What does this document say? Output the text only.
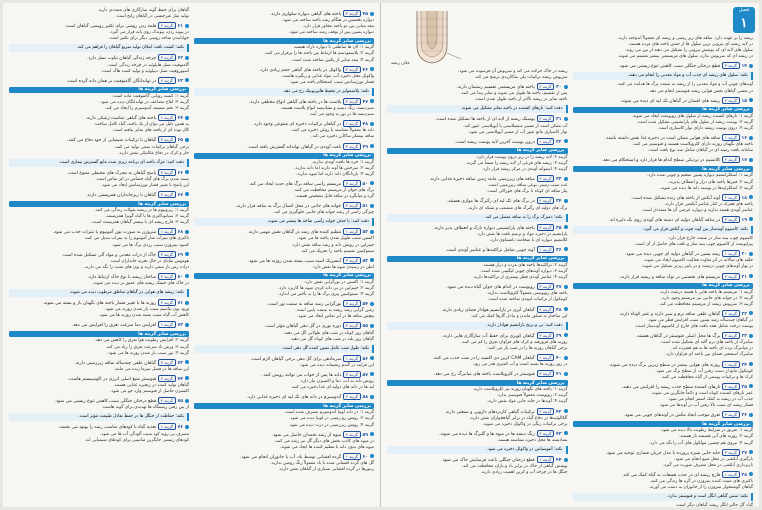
گیاهان برای حفظ گونه سازگاری های متعددی دارند.
تولید مثل غیرجنسی در گیاهان رایج است.
۶۱گزینه ۲قلمه زدن روشی برای تکثیر رویشی گیاهان است.
در پیوند زدن، پیوندک روی پایه قرار می گیرد.
خوابانیدن شاخه روشی دیگر برای تکثیر است.
نکته: کشت بافت امکان تولید سریع گیاهان را فراهم می کند.
۶۲گزینه ۳چرخه زندگی گیاهان تناوب نسل دارد.
گامتوفیت نسل هاپلوئید در چرخه زندگی است.
اسپوروفیت نسل دیپلوئید و تولید کننده هاگ است.
۶۳گزینه ۴در نهاندانگان گامتوفیت نر همان دانه گرده است.
بررسی سایر گزینه ها
گزینه ۱: کیسه رویانی گامتوفیت ماده است.
گزینه ۲: لقاح مضاعف در نهاندانگان دیده می شود.
گزینه ۳: تخم ضمیمه آندوسپرم را ایجاد می کند.
۶۴گزینه ۱یاخته های گیاهی تمامیت ژنتیکی دارند.
به همین دلیل می توان از یک یاخته، گیاه کامل ساخت.
کال توده ای از یاخته های تمایز نیافته است.
۶۵گزینه ۳گیاهان با ترکیبات شیمیایی از خود دفاع می کنند.
برخی گیاهان ترکیبات سمی تولید می کنند.
خار و کرک در دفاع مکانیکی نقش دارند.
دقت کنید: مرگ یاخته ای برنامه ریزی شده مانع گسترش بیماری است.
۶۶گزینه ۲پاسخ گیاهان به محرک های محیطی متنوع است.
بسته شدن برگ های گیاه حساس در اثر تماس است.
این پاسخ با تغییر فشار تورژسانس ایجاد می شود.
۶۷گزینه ۴گیاهان با ریزجانداران همزیستی دارند.
بررسی سایر گزینه ها
گزینه ۱: ریزوبیوم ها در ریشه بقولات زندگی می کنند.
گزینه ۲: سیانوباکتری ها با گیاه گونرا همزیستند.
گزینه ۳: قارچ ریشه ای با بیشتر گیاهان همزیست است.
۶۸گزینه ۱نیتروژن به صورت یون آمونیوم یا نیترات جذب می شود.
باکتری های نیترات ساز آمونیوم را به نیترات تبدیل می کنند.
کمبود نیتروژن سبب زردی برگ ها می شود.
۶۹گزینه ۳خاک از ذرات معدنی و مواد آلی تشکیل شده است.
هوموس بقایای در حال تجزیه جانداران است.
ذرات رس بار منفی دارند و یون های مثبت را نگه می دارند.
۷۰گزینه ۲ساختار ریشه با نوع خاک ارتباط دارد.
در خاک های خشک ریشه های عمیق تر دیده می شوند.
نکته: ریشه های هوایی در گیاهان مناطق مرطوب دیده می شوند.
۷۱گزینه ۴روزنه ها با تغییر فشار یاخته های نگهبان باز و بسته می شوند.
ورود یون پتاسیم سبب باز شدن روزنه می شود.
کاهش آب گیاه سبب بسته شدن روزنه ها می شود.
۷۲گزینه ۱افزایش دما سرعت تعرق را افزایش می دهد.
بررسی سایر گزینه ها
گزینه ۲: افزایش رطوبت هوا تعرق را کاهش می دهد.
گزینه ۳: وزش باد سرعت تعرق را زیاد می کند.
گزینه ۴: نور سبب باز شدن روزنه ها می شود.
۷۳گزینه ۳گیاهان علفی چندساله ساقه زیرزمینی دارند.
این ساقه ها در فصل سرما زنده می مانند.
۷۴گزینه ۲فتوسنتز منبع اصلی انرژی در اکوسیستم هاست.
گیاهان تولید کننده در زنجیره غذایی هستند.
اکسیژن حاصل از فتوسنتز وارد جو می شود.
۷۵گزینه ۴قطع درختان جنگلی سبب کاهش تنوع زیستی می شود.
از بین رفتن زیستگاه ها تهدیدی برای گونه هاست.
نکته: حفاظت از جنگل ها در حفظ تعادل طبیعت مؤثر است.
۷۶گزینه ۱تغذیه گیاه با کودهای مناسب رشد را بهبود می بخشد.
مصرف بی رویه کود سبب آلودگی آب ها می شود.
کودهای زیستی جایگزین مناسبی برای کودهای شیمیایی اند.
۴۵گزینه ۳یاخته های گیاهی دیواره سلولزی دارند.
دیواره نخستین در هنگام رشد یاخته ساخته می شود.
تیغه میانی بین دو یاخته مجاور قرار دارد.
دیواره پسین پس از توقف رشد ساخته می شود.
بررسی سایر گزینه ها
گزینه ۱: لان ها مناطقی با دیواره نازک هستند.
گزینه ۲: پلاسمودسم ها ارتباط بین یاخته ها را برقرار می کنند.
گزینه ۴: تیغه میانی از پکتین ساخته شده است.
۴۶گزینه ۲واکوئل در یاخته های گیاهی حجم زیادی دارد.
واکوئل محل ذخیره آب، مواد غذایی و رنگیزه هاست.
فشار تورژسانس سبب استحکام یاخته می شود.
نکته: پلاسمولیز در محیط هایپرتونیک رخ می دهد.
۴۷گزینه ۴پلاست ها در یاخته های گیاهی انواع مختلفی دارند.
سبزدیسه، رنگ دیسه و نشادیسه انواع پلاست هستند.
سبزدیسه ها در نور به وجود می آیند.
۴۸گزینه ۱در گیاهان ترکیبات ذخیره ای متنوعی وجود دارد.
دانه ها معمولاً نشاسته یا روغن ذخیره می کنند.
ساقه نیشکر ساکارز ذخیره می کند.
۴۹گزینه ۳بافت آوندی در گیاهان نهاندانه گسترش یافته است.
بررسی سایر گزینه ها
گزینه ۱: خزه ها بافت آوندی ندارند.
گزینه ۲: سرخس ها آوند دارند اما دانه ندارند.
گزینه ۴: بازدانگان دانه دارند اما میوه ندارند.
۵۰گزینه ۲مریستم رأسی ساقه برگ های جدید ایجاد می کند.
برگ های جوان از مریستم محافظت می کنند.
گره و میانگره در ساقه قابل تشخیص هستند.
۵۱گزینه ۴جوانه های جانبی در محل اتصال برگ به ساقه قرار دارند.
چیرگی رأسی از رشد جوانه های جانبی جلوگیری می کند.
دقت کنید: با حذف جوانه رأسی شاخه ها بیشتر می شوند.
۵۲گزینه ۱تنظیم کننده های رشد در گیاهان نقش مهمی دارند.
اکسین سبب طویل شدن یاخته ها می شود.
جیبرلین در رویش دانه و رشد ساقه نقش دارد.
سیتوکینین تقسیم یاخته را تحریک می کند.
۵۳گزینه ۳آبسیزیک اسید سبب بسته شدن روزنه ها می شود.
اتیلن در رسیدن میوه ها نقش دارد.
بررسی سایر گزینه ها
گزینه ۱: اکسین در نورگرایی نقش دارد.
گزینه ۲: جیبرلین در بی دانه کردن میوه ها کاربرد دارد.
گزینه ۴: سیتوکینین پیری برگ ها را به تأخیر می اندازد.
۵۴گزینه ۲نورگرایی رشد ساقه به سمت نور است.
زمین گرایی رشد ریشه به سمت پایین است.
پیچش ساقه ها در اثر تماس ایجاد می شود.
۵۵گزینه ۴دوره نوری در گل دهی گیاهان مؤثر است.
گیاهان روز کوتاه در شب های طولانی گل می دهند.
گیاهان روز بلند در شب های کوتاه گل می دهند.
نکته: طول شب عامل تعیین کننده گل دهی است.
۵۶گزینه ۱سرمادهی برای گل دهی برخی گیاهان لازم است.
این فرایند در گندم زمستانه دیده می شود.
۵۷گزینه ۳دانه ها پس از خواب می توانند رویش کنند.
رویش دانه به آب، دما و اکسیژن نیاز دارد.
لپه ها در دانه های دولپه ای غذا ذخیره می کنند.
۵۸گزینه ۲آندوسپرم در دانه های تک لپه ای ذخیره غذایی دارد.
بررسی سایر گزینه ها
گزینه ۱: در دانه لوبیا آندوسپرم مصرف شده است.
گزینه ۳: رویش رو زمینی در لوبیا دیده می شود.
گزینه ۴: رویش زیرزمینی در ذرت دیده می شود.
۵۹گزینه ۴میوه از رشد تخمدان حاصل می شود.
در میوه های کاذب بخش های دیگر گل نیز رشد می کنند.
میوه های بدون دانه با تنظیم کننده ها ایجاد می شوند.
۶۰گزینه ۱گرده افشانی توسط باد، آب یا جانوران انجام می شود.
گل های گرده افشانی شده با باد معمولاً رنگ روشن ندارند.
زنبورها در گرده افشانی بسیاری از گیاهان نقش دارند.
فصل
۱
غلاف ریشه
ریشه در خاک حرکت می کند و سرپوش آن فرسوده می شود.
سرپوش ریشه ترکیبات پلی ساکاریدی ترشح می کند.
۳۰گزینه ۲یاخته های مریستمی تقسیم رشتمان دارند.
پس از تقسیم، یاخته ها طویل می شوند و تمایز پیدا می کنند.
ناحیه تمایز در ریشه بالاتر از ناحیه طویل شدن است.
دقت کنید: تارهای کشنده در ناحیه تمایز تشکیل می شوند.
۳۱گزینه ۴پوستک ریشه از لایه ای از یاخته ها تشکیل شده است.
آب ممکن است از مسیر سیمپلاستی یا آپوپلاستی عبور کند.
نوار کاسپاری مانع عبور آب از مسیر آپوپلاستی می شود.
۳۲گزینه ۱درون پوست آخرین لایه پوست ریشه است.
بررسی سایر گزینه ها
گزینه ۲: لایه ریشه زا در زیر درون پوست قرار دارد.
گزینه ۳: ریشه های فرعی از لایه ریشه زا منشأ می گیرند.
گزینه ۴: استوانه آوندی در مرکز ریشه قرار دارد.
۳۳گزینه ۳ساقه های زیرزمینی مانند زمین ساقه ذخیره غذایی دارند.
غده سیب زمینی نوعی ساقه زیرزمینی است.
پیاز ساقه ای کوتاه با برگ های خوراکی است.
۳۴گزینه ۲در برگ های تک لپه ای رگبرگ ها موازی هستند.
برگ های دولپه ای رگبرگ های منشعب و شبکه ای دارند.
نکته: دمبرگ برگ را به ساقه متصل می کند.
۳۵گزینه ۴یاخته های پارانشیمی دیواره نازک و انعطاف پذیر دارند.
پارانشیم در ذخیره مواد و ترمیم بافت ها نقش دارد.
کلانشیم دیواره ای با ضخامت نامساوی دارد.
۳۶گزینه ۱آوند چوبی شامل تراکئیدها و عناصر آوندی است.
بررسی سایر گزینه ها
گزینه ۲: تراکئیدها یاخته های مرده و دراز هستند.
گزینه ۳: دیواره آوندهای چوبی لیگنینی شده است.
گزینه ۴: عناصر آوندی قطر بیشتری از تراکئیدها دارند.
۳۷گزینه ۳روپوست در اندام های جوان گیاه دیده می شود.
یاخته های روپوستی معمولاً کلروپلاست ندارند.
کوتیکول از ترکیبات لیپیدی ساخته شده است.
۳۸گزینه ۲گیاهان آبزی در پارانشیم هوادار فضای زیادی دارند.
این ساختار به شناور ماندن و تبادل گازها کمک می کند.
دقت کنید: نی و برنج پارانشیم هوادار دارند.
۳۹گزینه ۴گیاهان کویری برای حفظ آب سازگاری هایی دارند.
روزنه های فرورفته و کرک های فراوان تعرق را کم می کنند.
برخی گیاهان روزنه ها را در شب باز می کنند.
۴۰گزینه ۱گیاهان CAM کربن دی اکسید را در شب جذب می کنند.
در روز روزنه ها بسته است و آب کمتری هدر می رود.
۴۱گزینه ۳فتوسنتز در کلروپلاست یاخته های میانبرگ رخ می دهد.
بررسی سایر گزینه ها
گزینه ۱: یاخته های نگهبان روزنه نیز کلروپلاست دارند.
گزینه ۲: روپوست معمولاً فتوسنتز ندارد.
گزینه ۴: آوندها در جابه جایی مواد نقش دارند.
۴۲گزینه ۲ترکیبات گیاهی کاربردهای دارویی و صنعتی دارند.
آلکالوئیدها در دفاع گیاه در برابر گیاهخواران نقش دارند.
برخی ترکیبات رنگی در واکوئل ذخیره می شوند.
۴۳گزینه ۴رنگ دیسه ها در میوه ها و گلبرگ ها دیده می شوند.
نشادیسه ها محل ذخیره نشاسته هستند.
نکته: آنتوسیانین در واکوئل ذخیره می شود.
۴۴گزینه ۱قطع درختان جنگلی باعث فرسایش خاک می شود.
پوشش گیاهی از خاک در برابر باد و باران محافظت می کند.
جنگل ها در چرخه آب و کربن اهمیت زیادی دارند.
ریشه را بر عهده دارد. ساقه های زیر زمینی و ریشه ای معمولاً اندوخته دارند.
در لایه ریشه ای بیرونی ترین سلول ها از جنس یاخته های مرده هستند.
سلول های لایه ای که پوشش بیرونی را تشکیل می دهند از بین می روند.
در ریشه ای که سرپوش ندارد، سلول های مریستمی بیشتر تقسیم می شوند.
۱۴گزینه ۳قطع درختان جنگلی سبب کاهش تنوع زیستی می شود.
نکته: سلول های ریشه ای جذب آب و مواد معدنی را انجام می دهند.
آوندهای چوبی آب و مواد معدنی را از ریشه به سمت برگ ها هدایت می کنند.
در بعضی گیاهان بخش هوایی ریشه فتوسنتز انجام می دهد.
۱۵گزینه ۲ریشه های افشان در گیاهان تک لپه ای دیده می شوند.
بررسی سایر گزینه ها
گزینه ۱: تارهای کشنده ریشه از سلول های روپوست ایجاد می شوند.
گزینه ۳: پوست ریشه از سلول های پارانشیمی تشکیل شده است.
گزینه ۴: درون پوست ریشه دارای نوار کاسپاری است.
۱۶گزینه ۱ساقه های هوایی ممکن است در ذخیره غذا نقش داشته باشند.
یاخته های نگهبان روزنه دارای کلروپلاست هستند و فتوسنتز می کنند.
سامانه بافت زمینه ای در گیاهان شامل سه نوع بافت است.
۱۷گزینه ۴کلانشیم در نزدیکی سطح اندام ها قرار دارد و استحکام می دهد.
بررسی سایر گزینه ها
گزینه ۱: اسکلرانشیم دیواره پسین ضخیم و چوبی شده دارد.
گزینه ۲: فیبرها یاخته های دراز و انعطاف پذیرند.
گزینه ۳: اسکلرئیدها در پوسته دانه ها دیده می شوند.
۱۸گزینه ۲آوند آبکش از یاخته های زنده تشکیل شده است.
یاخته های همراه در کنار عناصر آبکشی قرار دارند.
عناصر آوندی هسته ندارند و دیواره عرضی آن ها منفذدار است.
۱۹گزینه ۳در ساقه گیاهان دولپه ای دسته های آوندی روی یک دایره اند.
نکته: کامبیوم آوندساز بین آوند چوب و آبکش قرار می گیرد.
کامبیوم چوب پنبه ساز در سمت خارج قرار دارد.
پیراپوست از کامبیوم چوب پنبه ساز و بافت های حاصل از آن است.
۲۰گزینه ۱رشد پسین در گیاهان دولپه ای چوبی دیده می شود.
حلقه های سالانه در اثر تفاوت فعالیت کامبیوم ایجاد می شوند.
در بهار آوندهای چوبی درشت و در پاییز ریزتر تشکیل می شوند.
۲۱گزینه ۴مریستم های نخستین در نوک ساقه و ریشه قرار دارند.
بررسی سایر گزینه ها
گزینه ۱: مریستم ها یاخته هایی با هسته درشت دارند.
گزینه ۲: در جوانه های جانبی نیز مریستم وجود دارد.
گزینه ۳: سرپوش ریشه از مریستم محافظت می کند.
۲۲گزینه ۲گیاهان علفی ساقه نرم و سبز دارند و عمر کوتاه دارند.
در گیاهان چندساله رشد پسین سبب افزایش قطر می شود.
پوست درخت شامل همه بافت های خارج از کامبیوم آوندساز است.
۲۳گزینه ۳برگ ها محل اصلی فتوسنتز در گیاهان هستند.
میانبرگ از یاخته های نرم آکنه ای تشکیل شده است.
در میانبرگ نرده ای یاخته ها به هم فشرده اند.
میانبرگ اسفنجی فضای بین یاخته ای فراوان دارد.
۲۴گزینه ۱روزنه های هوایی بیشتر در سطح زیرین برگ دیده می شوند.
کوتیکول مانع از دست رفتن آب از سطح برگ می شود.
کرک ها و ترکیبات پوستی از گیاه محافظت می کنند.
۲۵گزینه ۴تارهای کشنده سطح جذب ریشه را افزایش می دهند.
عمر تارهای کشنده کوتاه است و دائماً جایگزین می شوند.
جذب آب در ریشه به کمک اسمز انجام می شود.
فشار ریشه ای سبب بالا رفتن آب در آوندها می شود.
۲۶گزینه ۲تعرق موجب ایجاد مکش در آوندهای چوبی می شود.
بررسی سایر گزینه ها
گزینه ۱: تعریق در شرایط رطوبت بالا دیده می شود.
گزینه ۳: روزنه های آبی همیشه باز هستند.
گزینه ۴: نیروی هم چسبی مولکول های آب را نگه می دارد.
۲۷گزینه ۳جابه جایی شیره پرورده با مدل جریان فشاری توجیه می شود.
بارگیری آبکشی در محل منبع انجام می شود.
باربرداری آبکشی در محل مصرف صورت می گیرد.
۲۸گزینه ۱قارچ ریشه ای در جذب فسفات به گیاه کمک می کند.
باکتری های تثبیت کننده نیتروژن در گره ها زندگی می کنند.
گیاهان گوشتخوار نیتروژن را از جانوران به دست می آورند.
نکته: سس گیاهی انگل است و فتوسنتز ندارد.
گیاه گل جالیز انگل ریشه گیاهان دیگر است.
